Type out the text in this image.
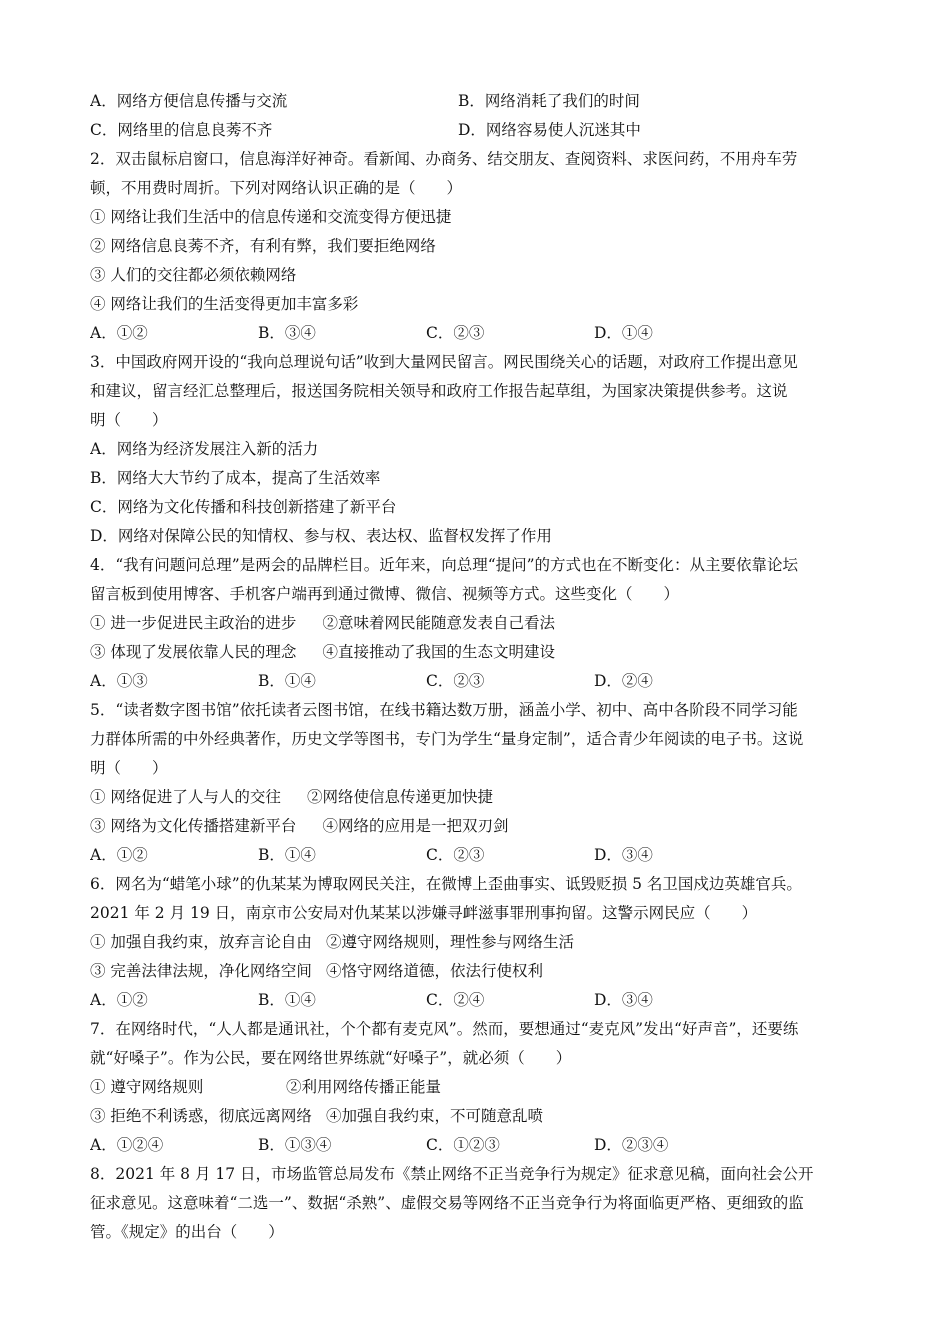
A．网络方便信息传播与交流	B．网络消耗了我们的时间
C．网络里的信息良莠不齐	D．网络容易使人沉迷其中
2．双击鼠标启窗口，信息海洋好神奇。看新闻、办商务、结交朋友、查阅资料、求医问药，不用舟车劳
顿，不用费时周折。下列对网络认识正确的是（　　）
① 网络让我们生活中的信息传递和交流变得方便迅捷
② 网络信息良莠不齐，有利有弊，我们要拒绝网络
③ 人们的交往都必须依赖网络
④ 网络让我们的生活变得更加丰富多彩
A．①②	B．③④	C．②③	D．①④
3．中国政府网开设的“我向总理说句话”收到大量网民留言。网民围绕关心的话题，对政府工作提出意见
和建议，留言经汇总整理后，报送国务院相关领导和政府工作报告起草组，为国家决策提供参考。这说
明（　　）
A．网络为经济发展注入新的活力
B．网络大大节约了成本，提高了生活效率
C．网络为文化传播和科技创新搭建了新平台
D．网络对保障公民的知情权、参与权、表达权、监督权发挥了作用
4．“我有问题问总理”是两会的品牌栏目。近年来，向总理“提问”的方式也在不断变化：从主要依靠论坛
留言板到使用博客、手机客户端再到通过微博、微信、视频等方式。这些变化（　　）
① 进一步促进民主政治的进步 ②意味着网民能随意发表自己看法
③ 体现了发展依靠人民的理念 ④直接推动了我国的生态文明建设
A．①③	B．①④	C．②③	D．②④
5．“读者数字图书馆”依托读者云图书馆，在线书籍达数万册，涵盖小学、初中、高中各阶段不同学习能
力群体所需的中外经典著作，历史文学等图书，专门为学生“量身定制”，适合青少年阅读的电子书。这说
明（　　）
① 网络促进了人与人的交往 ②网络使信息传递更加快捷
③ 网络为文化传播搭建新平台 ④网络的应用是一把双刃剑
A．①②	B．①④	C．②③	D．③④
6．网名为“蜡笔小球”的仇某某为博取网民关注，在微博上歪曲事实、诋毁贬损 5 名卫国戍边英雄官兵。
2021 年 2 月 19 日，南京市公安局对仇某某以涉嫌寻衅滋事罪刑事拘留。这警示网民应（　　）
① 加强自我约束，放弃言论自由 ②遵守网络规则，理性参与网络生活
③ 完善法律法规，净化网络空间 ④恪守网络道德，依法行使权利
A．①②	B．①④	C．②④	D．③④
7．在网络时代，“人人都是通讯社，个个都有麦克风”。然而，要想通过“麦克风”发出“好声音”，还要练
就“好嗓子”。作为公民，要在网络世界练就“好嗓子”，就必须（　　）
① 遵守网络规则	②利用网络传播正能量
③ 拒绝不利诱惑，彻底远离网络 ④加强自我约束，不可随意乱喷
A．①②④	B．①③④	C．①②③	D．②③④
8．2021 年 8 月 17 日，市场监管总局发布《禁止网络不正当竞争行为规定》征求意见稿，面向社会公开
征求意见。这意味着“二选一”、数据“杀熟”、虚假交易等网络不正当竞争行为将面临更严格、更细致的监
管。《规定》的出台（　　）
